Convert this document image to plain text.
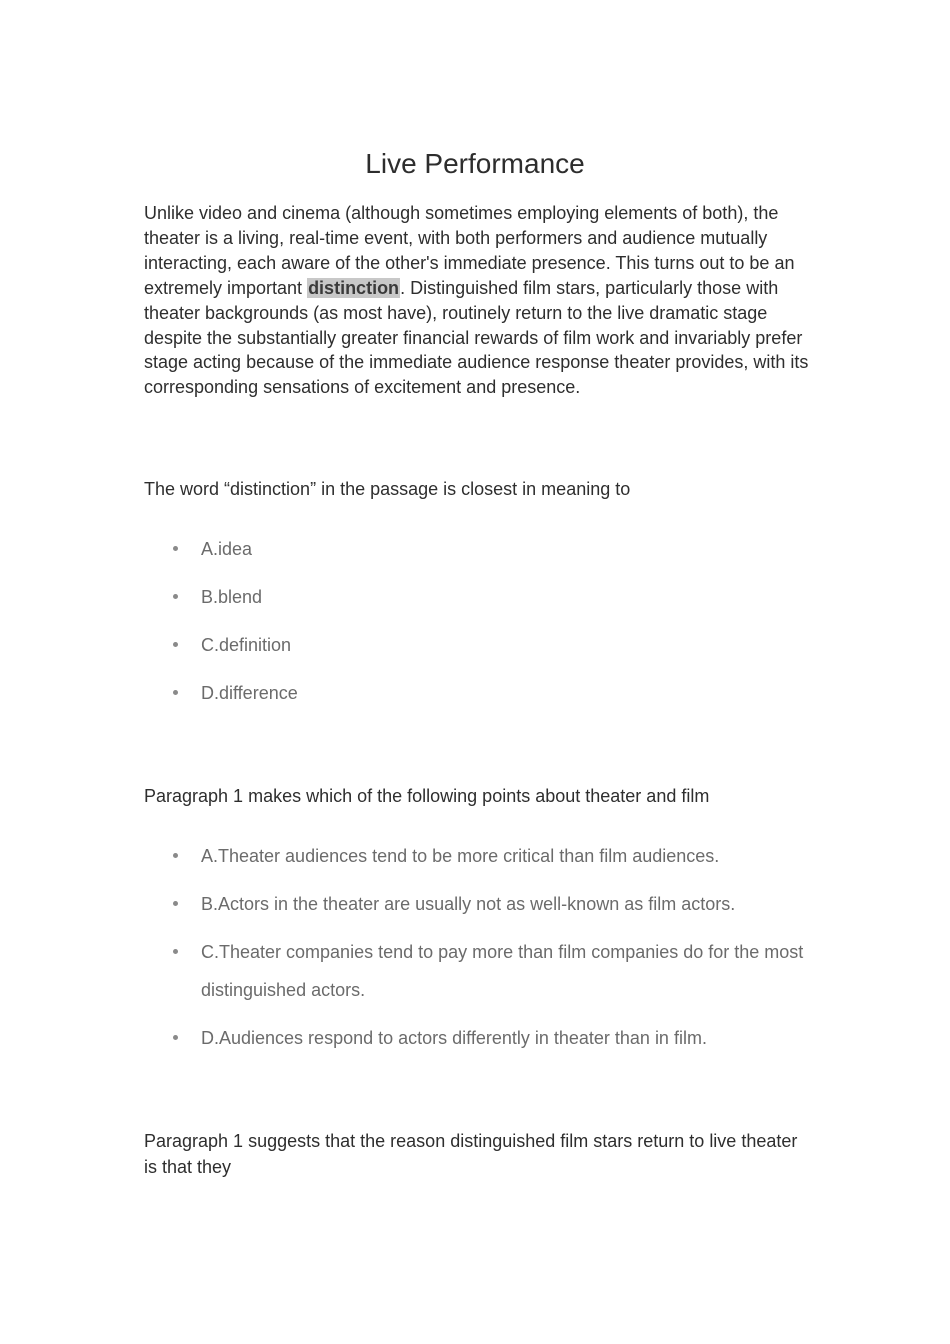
Live Performance

Unlike video and cinema (although sometimes employing elements of both), the theater is a living, real-time event, with both performers and audience mutually interacting, each aware of the other's immediate presence. This turns out to be an extremely important distinction. Distinguished film stars, particularly those with theater backgrounds (as most have), routinely return to the live dramatic stage despite the substantially greater financial rewards of film work and invariably prefer stage acting because of the immediate audience response theater provides, with its corresponding sensations of excitement and presence.

The word “distinction” in the passage is closest in meaning to

A.idea
B.blend
C.definition
D.difference

Paragraph 1 makes which of the following points about theater and film

A.Theater audiences tend to be more critical than film audiences.
B.Actors in the theater are usually not as well-known as film actors.
C.Theater companies tend to pay more than film companies do for the most distinguished actors.
D.Audiences respond to actors differently in theater than in film.

Paragraph 1 suggests that the reason distinguished film stars return to live theater is that they
